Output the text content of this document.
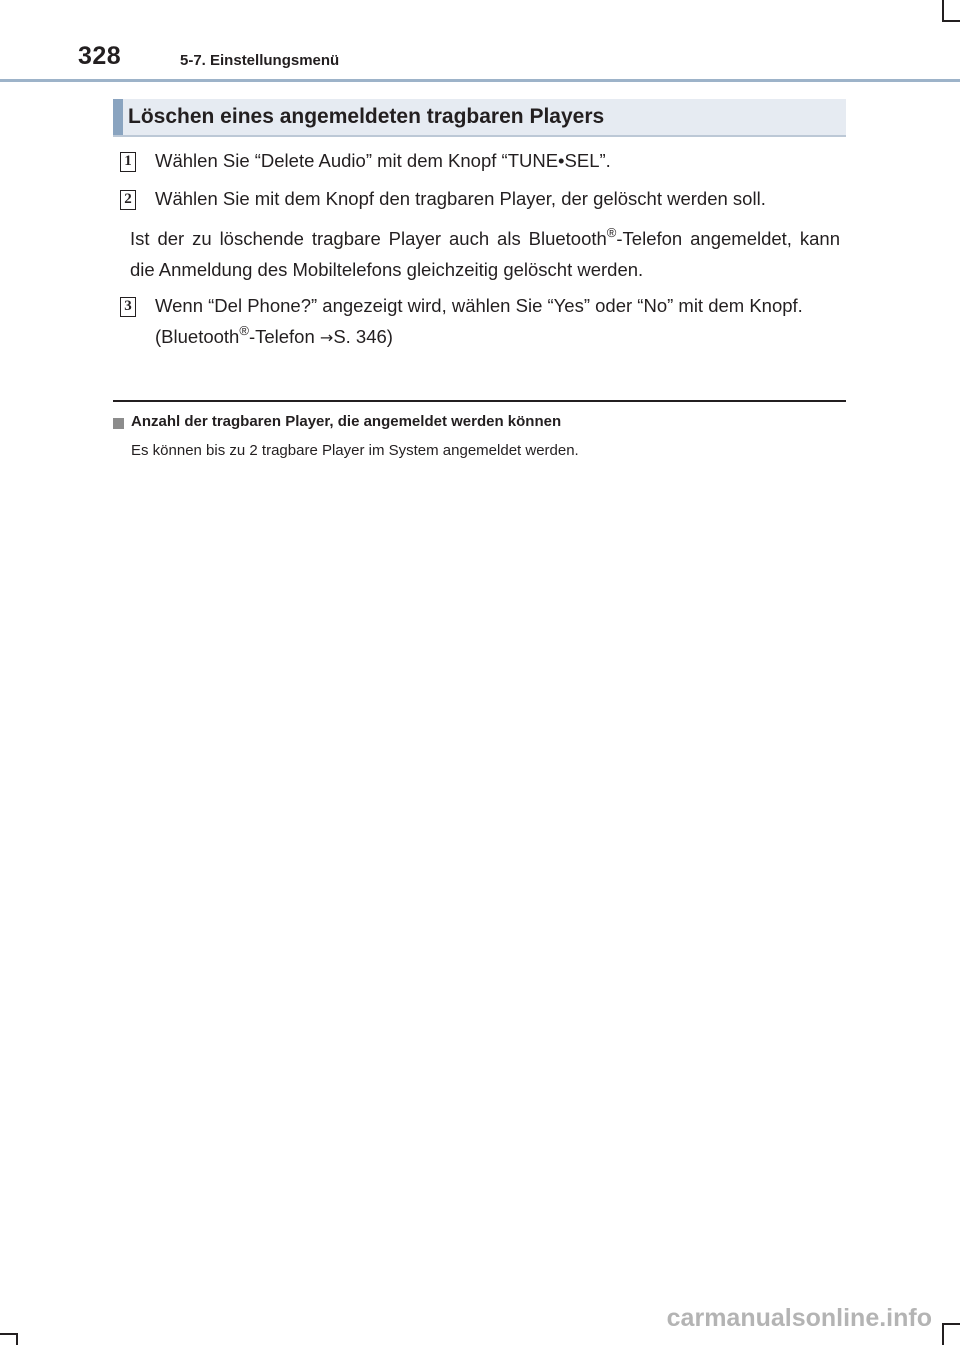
328	5-7. Einstellungsmenü
Löschen eines angemeldeten tragbaren Players
1 Wählen Sie “Delete Audio” mit dem Knopf “TUNE•SEL”.
2 Wählen Sie mit dem Knopf den tragbaren Player, der gelöscht werden soll.
Ist der zu löschende tragbare Player auch als Bluetooth®-Telefon angemeldet, kann die Anmeldung des Mobiltelefons gleichzeitig gelöscht werden.
3 Wenn “Del Phone?” angezeigt wird, wählen Sie “Yes” oder “No” mit dem Knopf.
(Bluetooth®-Telefon →S. 346)
Anzahl der tragbaren Player, die angemeldet werden können
Es können bis zu 2 tragbare Player im System angemeldet werden.
carmanualsonline.info
